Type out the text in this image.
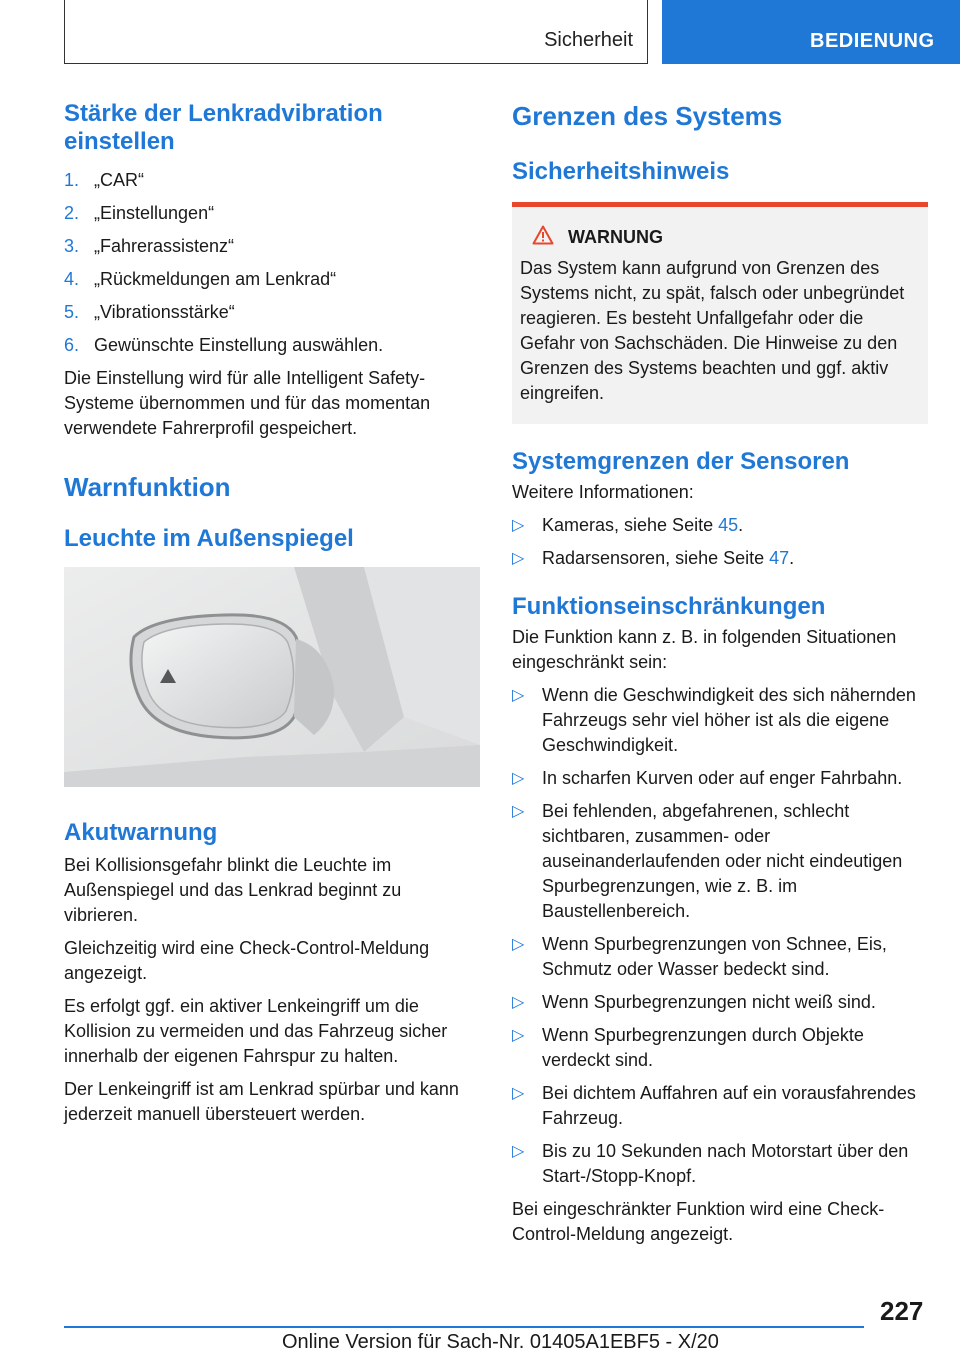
Sicherheit	BEDIENUNG
Stärke der Lenkradvibration einstellen
1. „CAR“
2. „Einstellungen“
3. „Fahrerassistenz“
4. „Rückmeldungen am Lenkrad“
5. „Vibrationsstärke“
6. Gewünschte Einstellung auswählen.

Die Einstellung wird für alle Intelligent Safety-Systeme übernommen und für das momentan verwendete Fahrerprofil gespeichert.

Warnfunktion
Leuchte im Außenspiegel
Akutwarnung

Bei Kollisionsgefahr blinkt die Leuchte im Außenspiegel und das Lenkrad beginnt zu vibrieren.

Gleichzeitig wird eine Check-Control-Meldung angezeigt.

Es erfolgt ggf. ein aktiver Lenkeingriff um die Kollision zu vermeiden und das Fahrzeug sicher innerhalb der eigenen Fahrspur zu halten.

Der Lenkeingriff ist am Lenkrad spürbar und kann jederzeit manuell übersteuert werden.

Grenzen des Systems
Sicherheitshinweis
WARNUNG

Das System kann aufgrund von Grenzen des Systems nicht, zu spät, falsch oder unbegründet reagieren. Es besteht Unfallgefahr oder die Gefahr von Sachschäden. Die Hinweise zu den Grenzen des Systems beachten und ggf. aktiv eingreifen.

Systemgrenzen der Sensoren

Weitere Informationen:

▷ Kameras, siehe Seite 45.
▷ Radarsensoren, siehe Seite 47.
Funktionseinschränkungen

Die Funktion kann z. B. in folgenden Situationen eingeschränkt sein:

▷ Wenn die Geschwindigkeit des sich nähernden Fahrzeugs sehr viel höher ist als die eigene Geschwindigkeit.
▷ In scharfen Kurven oder auf enger Fahrbahn.
▷ Bei fehlenden, abgefahrenen, schlecht sichtbaren, zusammen- oder auseinanderlaufenden oder nicht eindeutigen Spurbegrenzungen, wie z. B. im Baustellenbereich.
▷ Wenn Spurbegrenzungen von Schnee, Eis, Schmutz oder Wasser bedeckt sind.
▷ Wenn Spurbegrenzungen nicht weiß sind.
▷ Wenn Spurbegrenzungen durch Objekte verdeckt sind.
▷ Bei dichtem Auffahren auf ein vorausfahrendes Fahrzeug.
▷ Bis zu 10 Sekunden nach Motorstart über den Start-/Stopp-Knopf.

Bei eingeschränkter Funktion wird eine Check-Control-Meldung angezeigt.

227
Online Version für Sach-Nr. 01405A1EBF5 - X/20
